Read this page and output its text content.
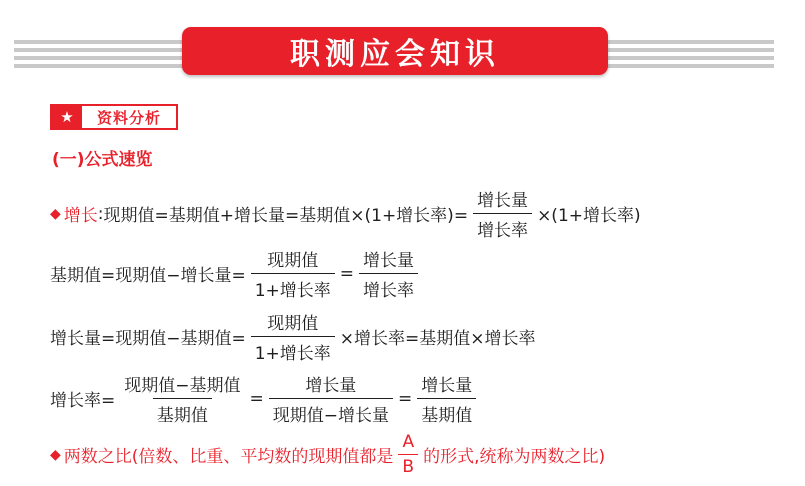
职测应会知识
★	资料分析
(一)公式速览
◆ 增长 : 现期值=基期值+增长量=基期值×(1+增长率)= $\frac{\text{增长量}}{\text{增长率}} \times(1+$增长率)
基期值=现期值−增长量= $\frac{\text{现期值}}{\text{1+增长率}} = \frac{\text{增长量}}{\text{增长率}}$
增长量=现期值−基期值= $\frac{\text{现期值}}{\text{1+增长率}}$ ×增长率=基期值×增长率
增长率= $\frac{\text{现期值−基期值}}{\text{基期值}} = \frac{\text{增长量}}{\text{现期值−增长量}} = \frac{\text{增长量}}{\text{基期值}}$
◆ 两数之比(倍数、比重、平均数的现期值都是 $\frac{A}{B}$ 的形式,统称为两数之比)
